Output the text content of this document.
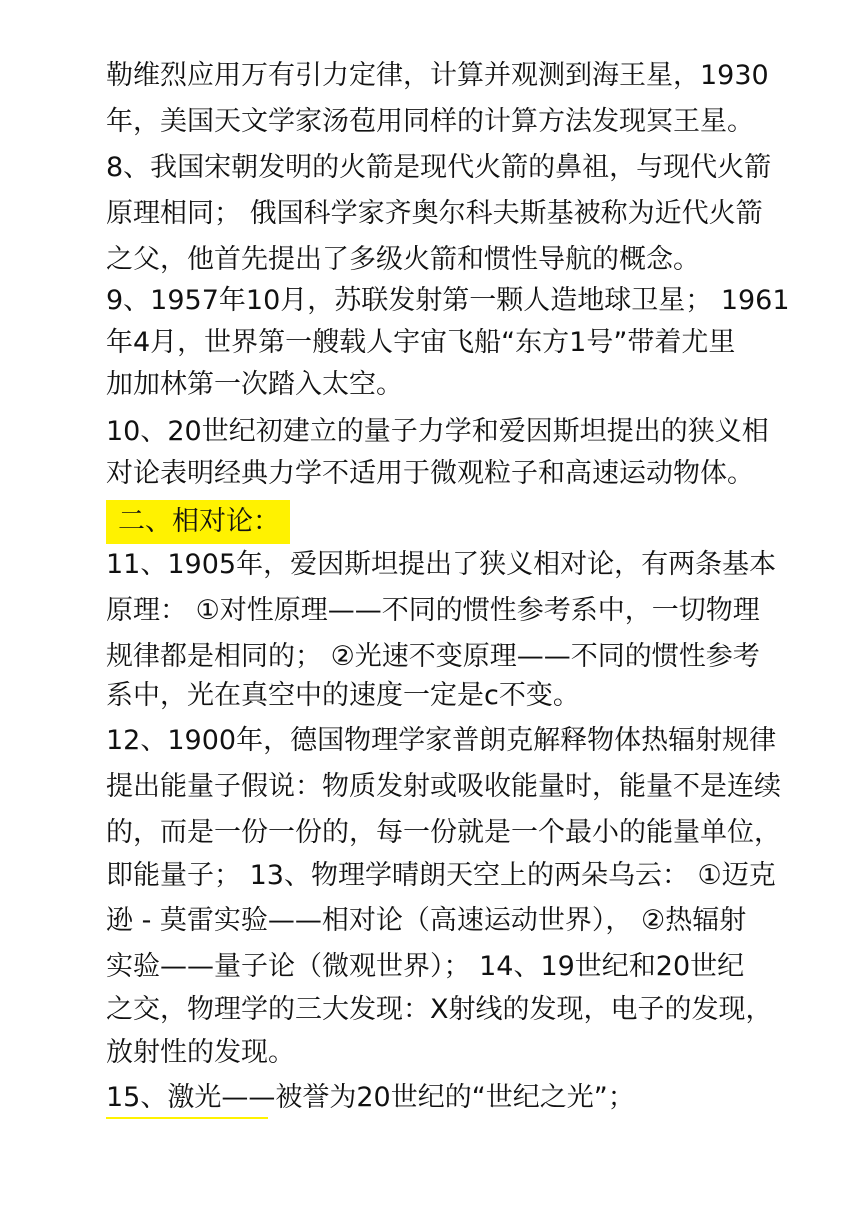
勒维烈应用万有引力定律，计算并观测到海王星，1930
年，美国天文学家汤苞用同样的计算方法发现冥王星。
8、我国宋朝发明的火箭是现代火箭的鼻祖，与现代火箭
原理相同； 俄国科学家齐奥尔科夫斯基被称为近代火箭
之父，他首先提出了多级火箭和惯性导航的概念。
9、1957年10月，苏联发射第一颗人造地球卫星； 1961
年4月，世界第一艘载人宇宙飞船“东方1号”带着尤里
加加林第一次踏入太空。
10、20世纪初建立的量子力学和爱因斯坦提出的狭义相
对论表明经典力学不适用于微观粒子和高速运动物体。
二、相对论：
11、1905年，爱因斯坦提出了狭义相对论，有两条基本
原理： ①对性原理——不同的惯性参考系中，一切物理
规律都是相同的； ②光速不变原理——不同的惯性参考
系中，光在真空中的速度一定是c不变。
12、1900年，德国物理学家普朗克解释物体热辐射规律
提出能量子假说：物质发射或吸收能量时，能量不是连续
的，而是一份一份的，每一份就是一个最小的能量单位，
即能量子； 13、物理学晴朗天空上的两朵乌云： ①迈克
逊 - 莫雷实验——相对论（高速运动世界）， ②热辐射
实验——量子论（微观世界）； 14、19世纪和20世纪
之交，物理学的三大发现：X射线的发现，电子的发现，
放射性的发现。
15、激光——被誉为20世纪的“世纪之光”；
